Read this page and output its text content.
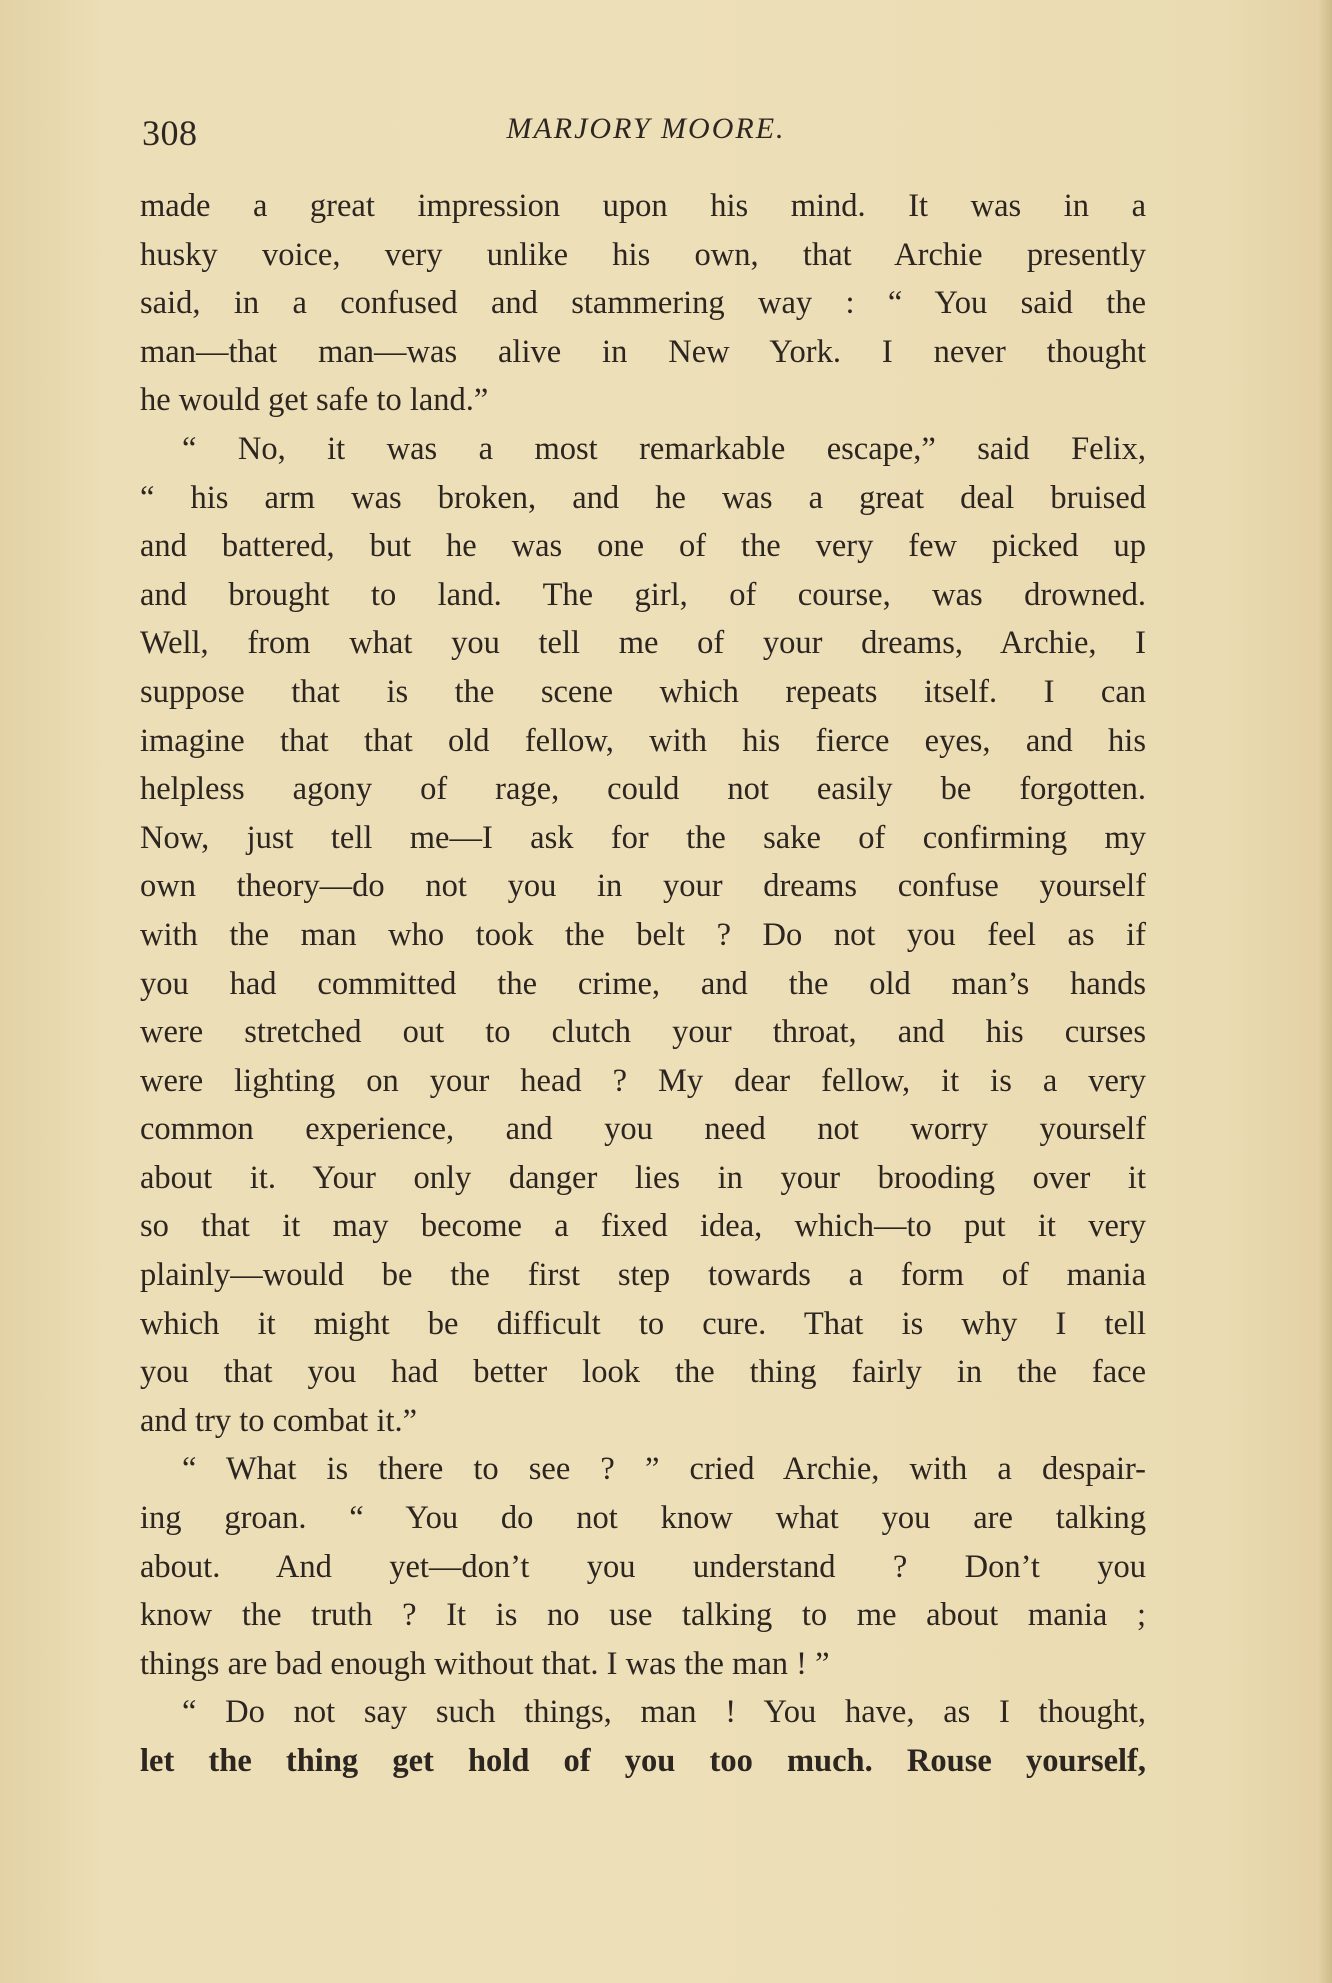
MARJORY MOORE.
308
made a great impression upon his mind. It was in a
husky voice, very unlike his own, that Archie presently
said, in a confused and stammering way : “ You said the
man—that man—was alive in New York. I never thought
he would get safe to land.”
“ No, it was a most remarkable escape,” said Felix,
“ his arm was broken, and he was a great deal bruised
and battered, but he was one of the very few picked up
and brought to land. The girl, of course, was drowned.
Well, from what you tell me of your dreams, Archie, I
suppose that is the scene which repeats itself. I can
imagine that that old fellow, with his fierce eyes, and his
helpless agony of rage, could not easily be forgotten.
Now, just tell me—I ask for the sake of confirming my
own theory—do not you in your dreams confuse yourself
with the man who took the belt ? Do not you feel as if
you had committed the crime, and the old man’s hands
were stretched out to clutch your throat, and his curses
were lighting on your head ? My dear fellow, it is a very
common experience, and you need not worry yourself
about it. Your only danger lies in your brooding over it
so that it may become a fixed idea, which—to put it very
plainly—would be the first step towards a form of mania
which it might be difficult to cure. That is why I tell
you that you had better look the thing fairly in the face
and try to combat it.”
“ What is there to see ? ” cried Archie, with a despair-
ing groan. “ You do not know what you are talking
about. And yet—don’t you understand ? Don’t you
know the truth ? It is no use talking to me about mania ;
things are bad enough without that. I was the man ! ”
“ Do not say such things, man ! You have, as I thought,
let the thing get hold of you too much. Rouse yourself,
